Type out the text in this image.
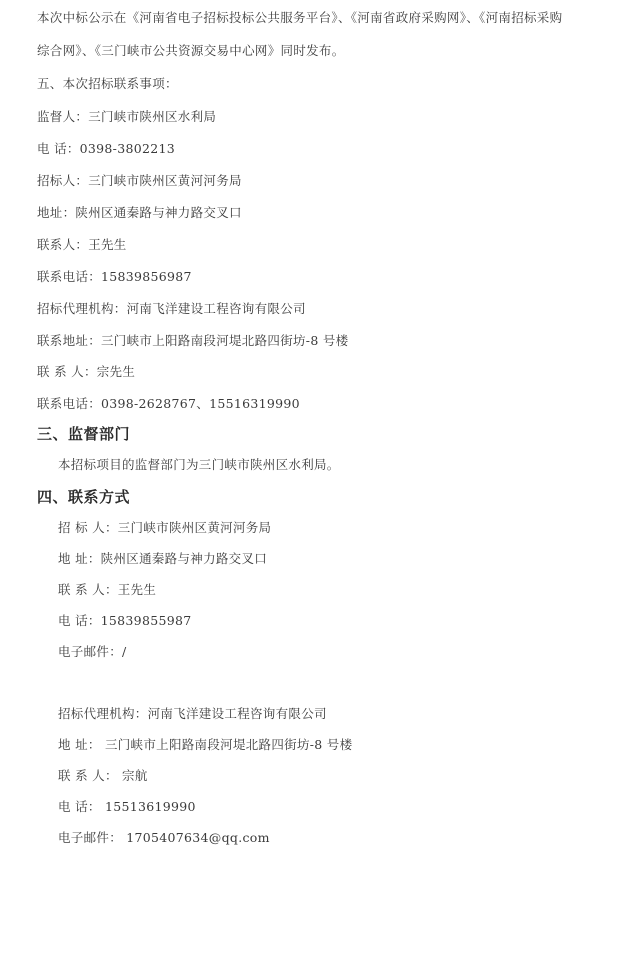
本次中标公示在《河南省电子招标投标公共服务平台》、《河南省政府采购网》、《河南招标采购
综合网》、《三门峡市公共资源交易中心网》同时发布。
五、本次招标联系事项：
监督人：三门峡市陕州区水利局
电 话：0398-3802213
招标人：三门峡市陕州区黄河河务局
地址：陕州区通秦路与神力路交叉口
联系人：王先生
联系电话：15839856987
招标代理机构：河南飞洋建设工程咨询有限公司
联系地址：三门峡市上阳路南段河堤北路四街坊-8 号楼
联 系 人：宗先生
联系电话：0398-2628767、15516319990
三、监督部门
本招标项目的监督部门为三门峡市陕州区水利局。
四、联系方式
招 标 人：三门峡市陕州区黄河河务局
地 址：陕州区通秦路与神力路交叉口
联 系 人：王先生
电 话：15839855987
电子邮件：/
招标代理机构：河南飞洋建设工程咨询有限公司
地 址： 三门峡市上阳路南段河堤北路四街坊-8 号楼
联 系 人： 宗航
电 话： 15513619990
电子邮件： 1705407634@qq.com
